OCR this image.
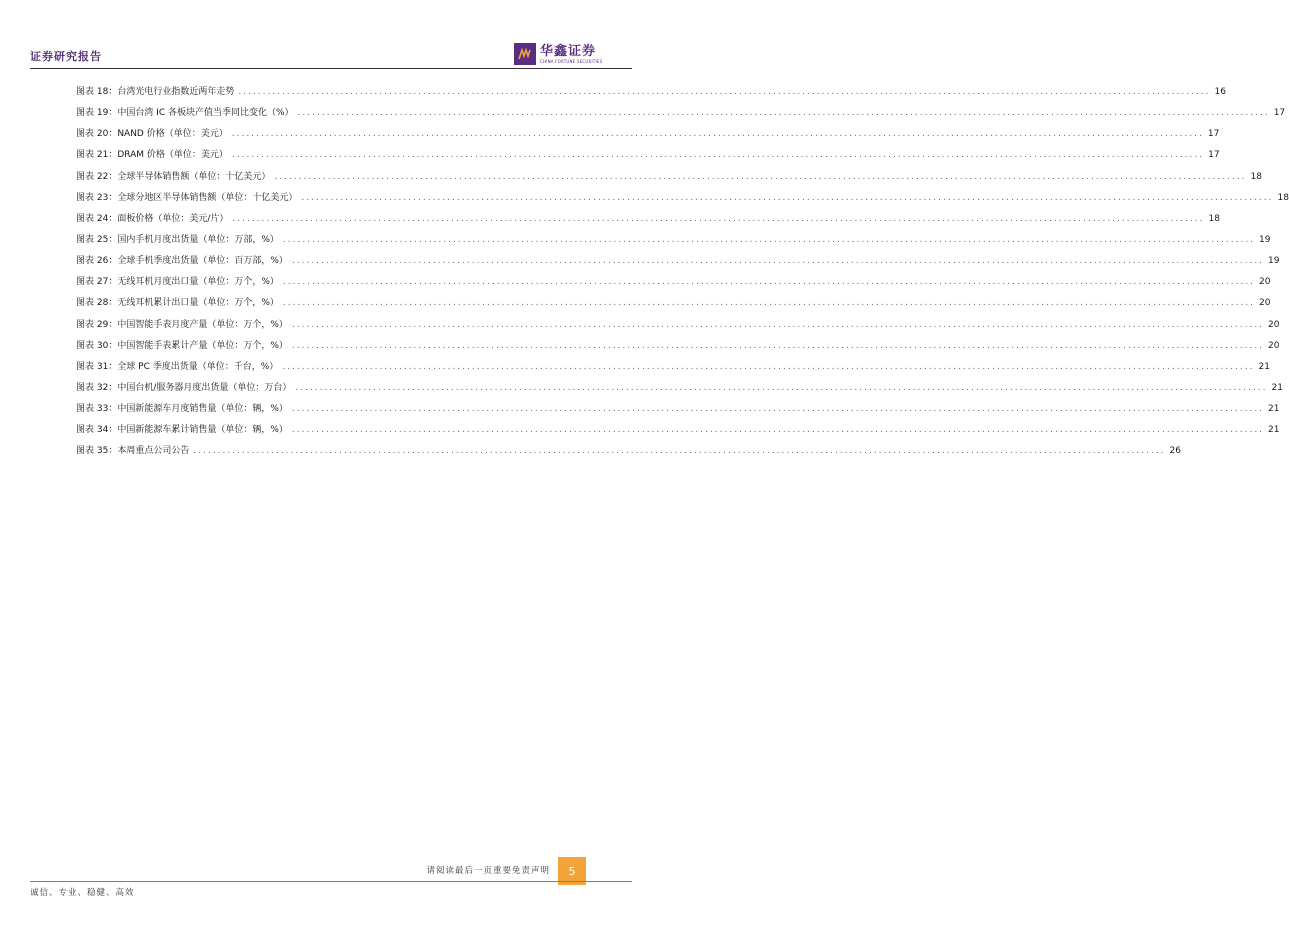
证券研究报告	华鑫证券
CHINA FORTUNE SECURITIES
图表 18：台湾光电行业指数近两年走势 ........................................................................................................................................................................................................ 16
图表 19：中国台湾 IC 各板块产值当季同比变化（%） ........................................................................................................................................................................................................ 17
图表 20：NAND 价格（单位：美元） ........................................................................................................................................................................................................ 17
图表 21：DRAM 价格（单位：美元） ........................................................................................................................................................................................................ 17
图表 22：全球半导体销售额（单位：十亿美元） ........................................................................................................................................................................................................ 18
图表 23：全球分地区半导体销售额（单位：十亿美元） ........................................................................................................................................................................................................ 18
图表 24：面板价格（单位：美元/片） ........................................................................................................................................................................................................ 18
图表 25：国内手机月度出货量（单位：万部，%） ........................................................................................................................................................................................................ 19
图表 26：全球手机季度出货量（单位：百万部，%） ........................................................................................................................................................................................................ 19
图表 27：无线耳机月度出口量（单位：万个，%） ........................................................................................................................................................................................................ 20
图表 28：无线耳机累计出口量（单位：万个，%） ........................................................................................................................................................................................................ 20
图表 29：中国智能手表月度产量（单位：万个，%） ........................................................................................................................................................................................................ 20
图表 30：中国智能手表累计产量（单位：万个，%） ........................................................................................................................................................................................................ 20
图表 31：全球 PC 季度出货量（单位：千台，%） ........................................................................................................................................................................................................ 21
图表 32：中国台机/服务器月度出货量（单位：万台） ........................................................................................................................................................................................................ 21
图表 33：中国新能源车月度销售量（单位：辆，%） ........................................................................................................................................................................................................ 21
图表 34：中国新能源车累计销售量（单位：辆，%） ........................................................................................................................................................................................................ 21
图表 35：本周重点公司公告 ........................................................................................................................................................................................................ 26
请阅读最后一页重要免责声明	5
诚信、专业、稳健、高效
